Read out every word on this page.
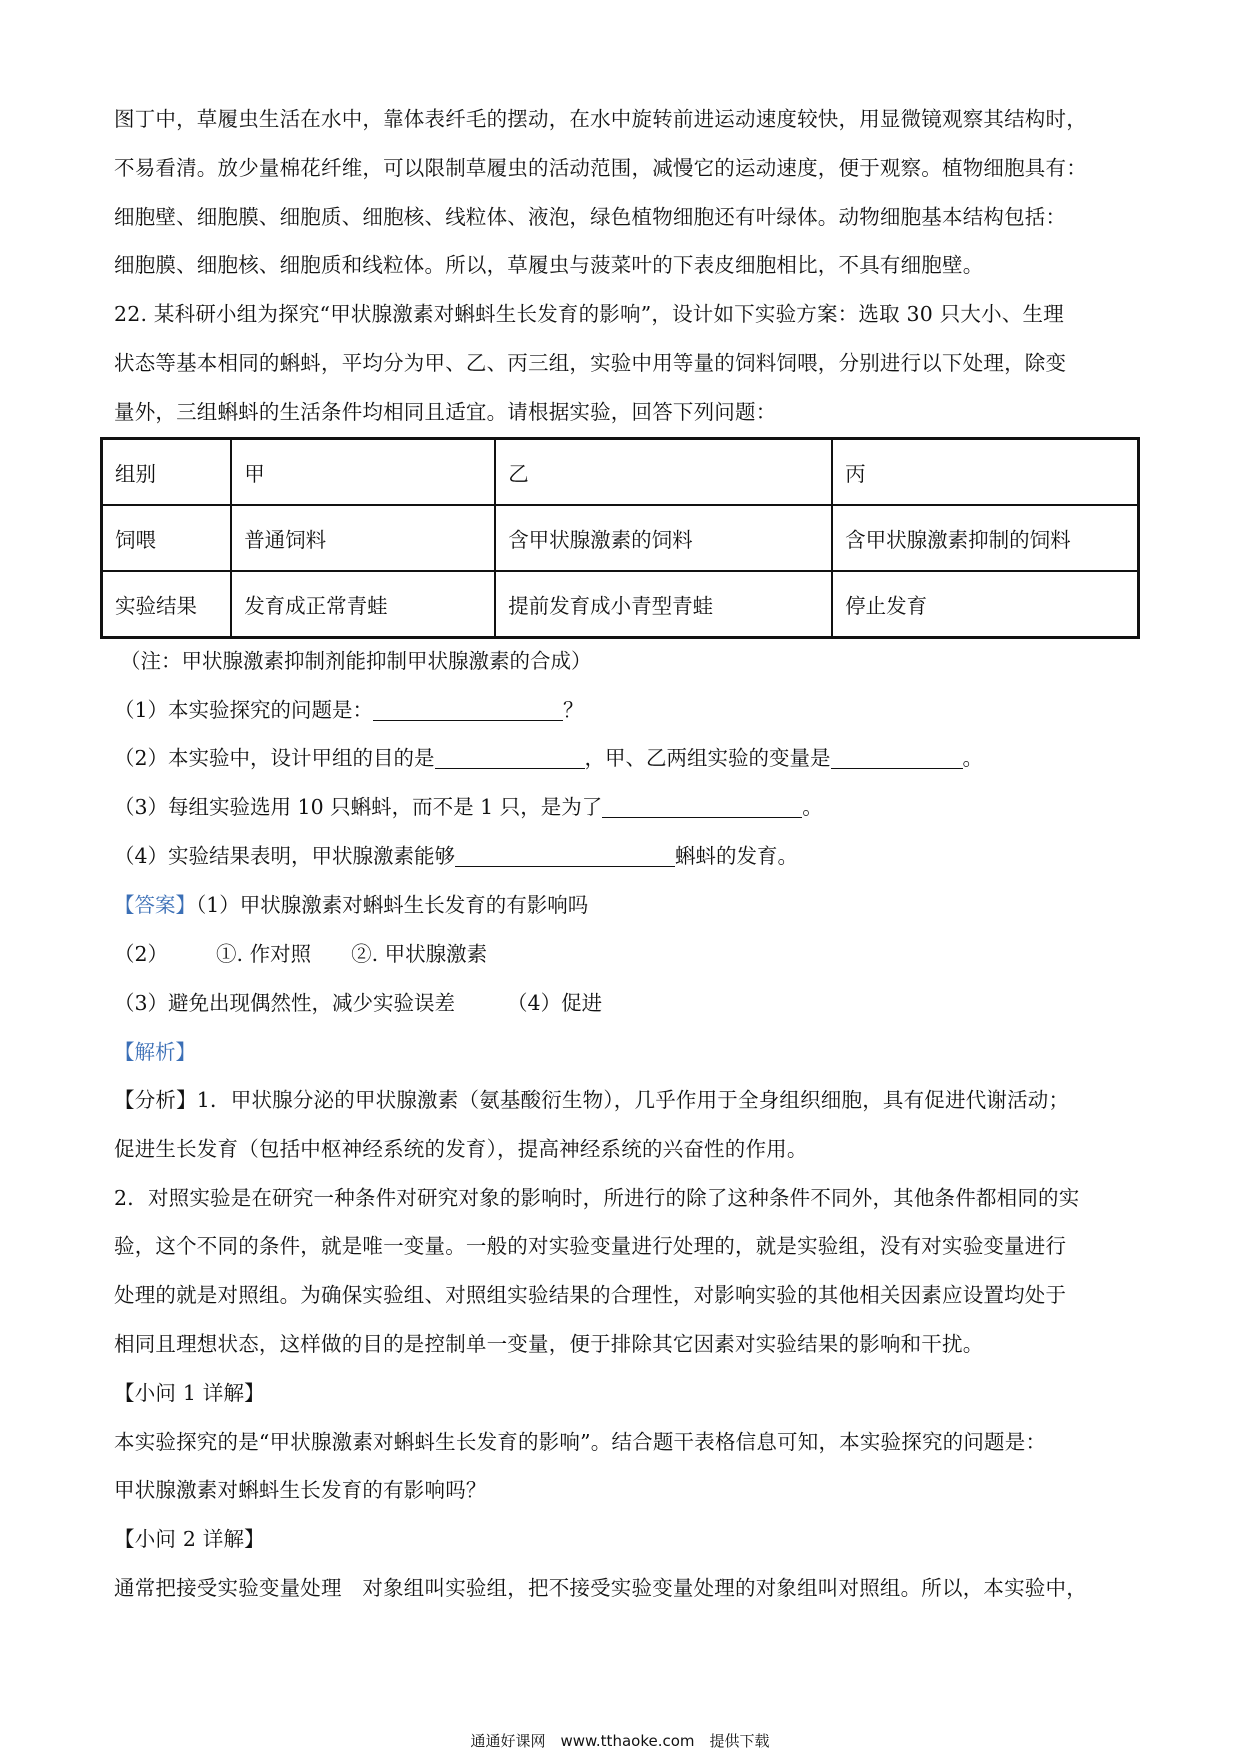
图丁中，草履虫生活在水中，靠体表纤毛的摆动，在水中旋转前进运动速度较快，用显微镜观察其结构时，
不易看清。放少量棉花纤维，可以限制草履虫的活动范围，减慢它的运动速度，便于观察。植物细胞具有：
细胞壁、细胞膜、细胞质、细胞核、线粒体、液泡，绿色植物细胞还有叶绿体。动物细胞基本结构包括：
细胞膜、细胞核、细胞质和线粒体。所以，草履虫与菠菜叶的下表皮细胞相比，不具有细胞壁。
22. 某科研小组为探究“甲状腺激素对蝌蚪生长发育的影响”，设计如下实验方案：选取 30 只大小、生理
状态等基本相同的蝌蚪，平均分为甲、乙、丙三组，实验中用等量的饲料饲喂，分别进行以下处理，除变
量外，三组蝌蚪的生活条件均相同且适宜。请根据实验，回答下列问题：
组别	甲	乙	丙
饲喂	普通饲料	含甲状腺激素的饲料	含甲状腺激素抑制的饲料
实验结果	发育成正常青蛙	提前发育成小青型青蛙	停止发育
（注：甲状腺激素抑制剂能抑制甲状腺激素的合成）
（1）本实验探究的问题是：	？
（2）本实验中，设计甲组的目的是	，甲、乙两组实验的变量是	。
（3）每组实验选用 10 只蝌蚪，而不是 1 只，是为了	。
（4）实验结果表明，甲状腺激素能够	蝌蚪的发育。
【答案】（1）甲状腺激素对蝌蚪生长发育的有影响吗
（2） ①. 作对照 ②. 甲状腺激素
（3）避免出现偶然性，减少实验误差	（4）促进
【解析】
【分析】1．甲状腺分泌的甲状腺激素（氨基酸衍生物），几乎作用于全身组织细胞，具有促进代谢活动；
促进生长发育（包括中枢神经系统的发育），提高神经系统的兴奋性的作用。
2．对照实验是在研究一种条件对研究对象的影响时，所进行的除了这种条件不同外，其他条件都相同的实
验，这个不同的条件，就是唯一变量。一般的对实验变量进行处理的，就是实验组，没有对实验变量进行
处理的就是对照组。为确保实验组、对照组实验结果的合理性，对影响实验的其他相关因素应设置均处于
相同且理想状态，这样做的目的是控制单一变量，便于排除其它因素对实验结果的影响和干扰。
【小问 1 详解】
本实验探究的是“甲状腺激素对蝌蚪生长发育的影响”。结合题干表格信息可知，本实验探究的问题是：
甲状腺激素对蝌蚪生长发育的有影响吗？
【小问 2 详解】
通常把接受实验变量处理　对象组叫实验组，把不接受实验变量处理的对象组叫对照组。所以，本实验中，
通通好课网　www.tthaoke.com　提供下载
